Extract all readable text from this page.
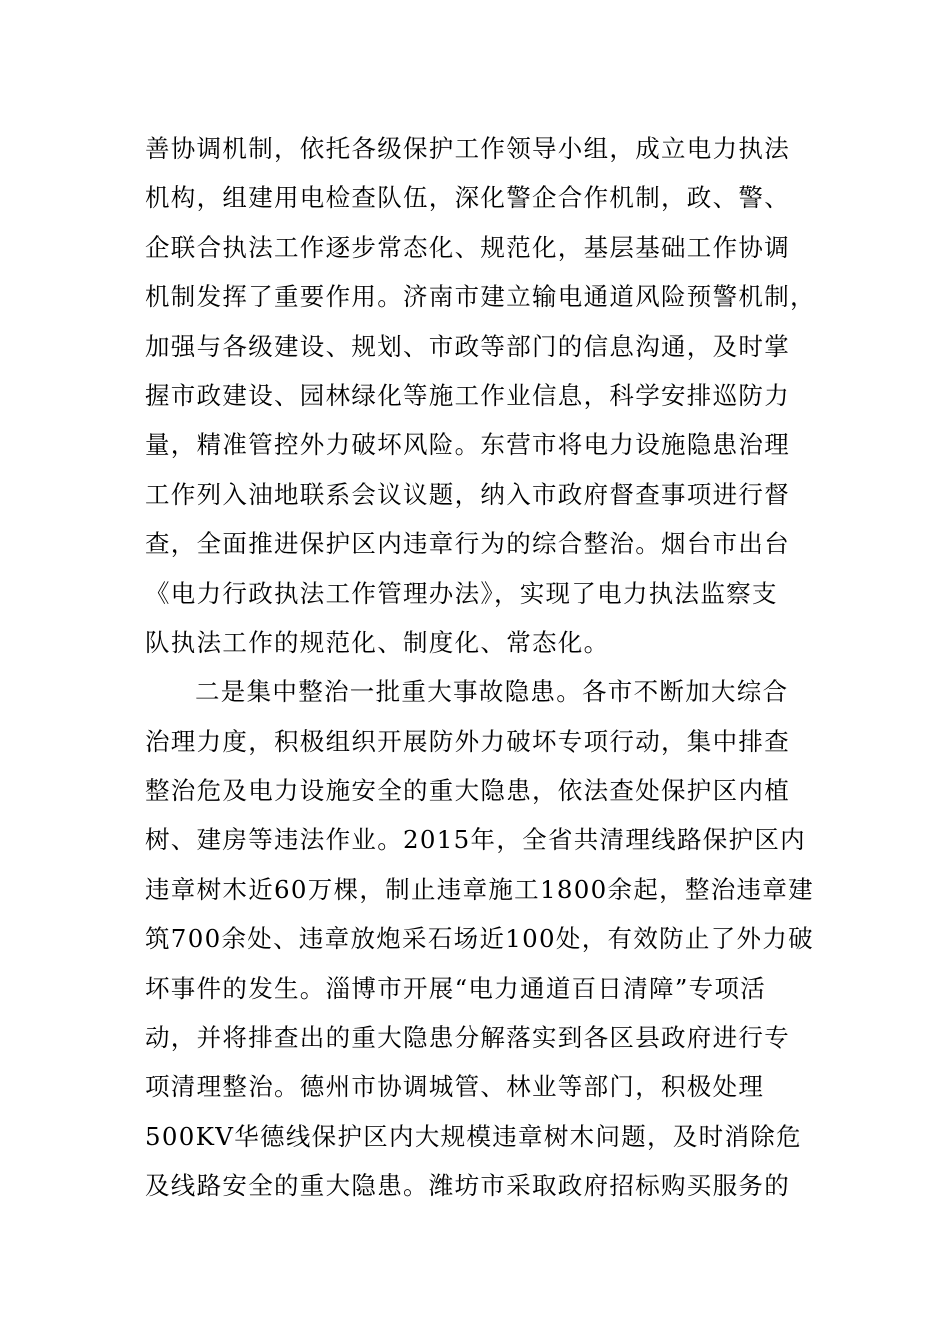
善协调机制，依托各级保护工作领导小组，成立电力执法
机构，组建用电检查队伍，深化警企合作机制，政、警、
企联合执法工作逐步常态化、规范化，基层基础工作协调
机制发挥了重要作用。济南市建立输电通道风险预警机制，
加强与各级建设、规划、市政等部门的信息沟通，及时掌
握市政建设、园林绿化等施工作业信息，科学安排巡防力
量，精准管控外力破坏风险。东营市将电力设施隐患治理
工作列入油地联系会议议题，纳入市政府督查事项进行督
查，全面推进保护区内违章行为的综合整治。烟台市出台
《电力行政执法工作管理办法》，实现了电力执法监察支
队执法工作的规范化、制度化、常态化。
二是集中整治一批重大事故隐患。各市不断加大综合
治理力度，积极组织开展防外力破坏专项行动，集中排查
整治危及电力设施安全的重大隐患，依法查处保护区内植
树、建房等违法作业。2015年，全省共清理线路保护区内
违章树木近60万棵，制止违章施工1800余起，整治违章建
筑700余处、违章放炮采石场近100处，有效防止了外力破
坏事件的发生。淄博市开展“电力通道百日清障”专项活
动，并将排查出的重大隐患分解落实到各区县政府进行专
项清理整治。德州市协调城管、林业等部门，积极处理
500KV华德线保护区内大规模违章树木问题，及时消除危
及线路安全的重大隐患。潍坊市采取政府招标购买服务的
